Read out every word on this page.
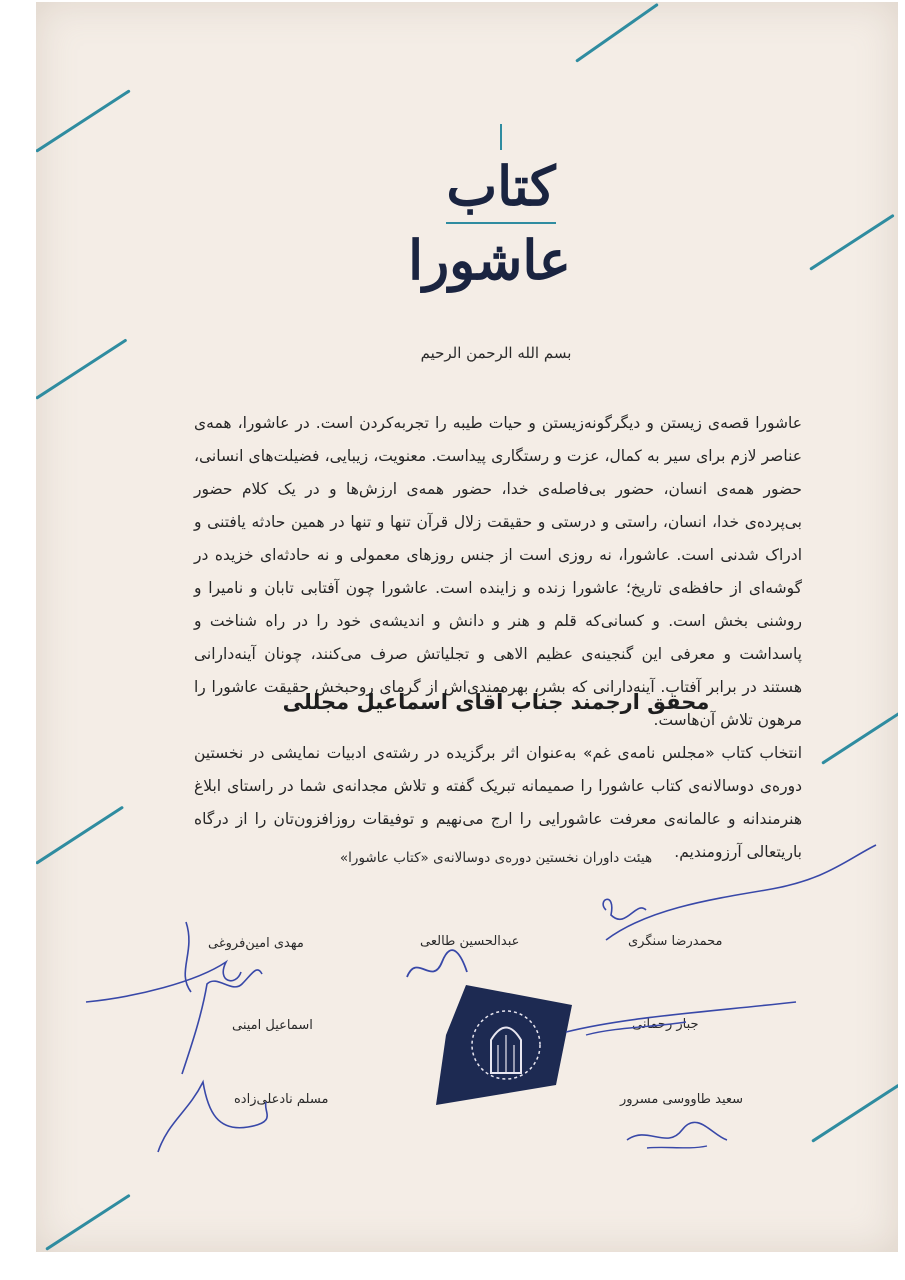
کتاب
عاشورا
بسم الله الرحمن الرحیم
عاشورا قصه‌ی زیستن و دیگرگونه‌زیستن و حیات طیبه را تجربه‌کردن است. در عاشورا، همه‌ی عناصر لازم برای سیر به کمال، عزت و رستگاری پیداست. معنویت، زیبایی، فضیلت‌های انسانی، حضور همه‌ی انسان، حضور بی‌فاصله‌ی خدا، حضور همه‌ی ارزش‌ها و در یک کلام حضور بی‌پرده‌ی خدا، انسان، راستی و درستی و حقیقت زلال قرآن تنها و تنها در همین حادثه یافتنی و ادراک شدنی است. عاشورا، نه روزی است از جنس روزهای معمولی و نه حادثه‌ای خزیده در گوشه‌ای از حافظه‌ی تاریخ؛ عاشورا زنده و زاینده است. عاشورا چون آفتابی تابان و نامیرا و روشنی بخش است. و کسانی‌که قلم و هنر و دانش و اندیشه‌ی خود را در راه شناخت و پاسداشت و معرفی این گنجینه‌ی عظیم الاهی و تجلیاتش صرف می‌کنند، چونان آینه‌دارانی هستند در برابر آفتاب. آینه‌دارانی که بشر، بهره‌مندی‌اش از گرمای روحبخش حقیقت عاشورا را مرهون تلاش آن‌هاست.
محقق ارجمند جناب آقای اسماعیل مجللی
انتخاب کتاب «مجلس نامه‌ی غم» به‌عنوان اثر برگزیده در رشته‌ی ادبیات نمایشی در نخستین دوره‌ی دوسالانه‌ی کتاب عاشورا را صمیمانه تبریک گفته و تلاش مجدانه‌ی شما در راستای ابلاغ هنرمندانه و عالمانه‌ی معرفت عاشورایی را ارج می‌نهیم و توفیقات روزافزون‌تان را از درگاه باریتعالی آرزومندیم.
هیئت داوران نخستین دوره‌ی دوسالانه‌ی «کتاب عاشورا»
محمدرضا سنگری
عبدالحسین طالعی
مهدی امین‌فروغی
جبار رحمانی
اسماعیل امینی
سعید طاووسی مسرور
مسلم نادعلی‌زاده
